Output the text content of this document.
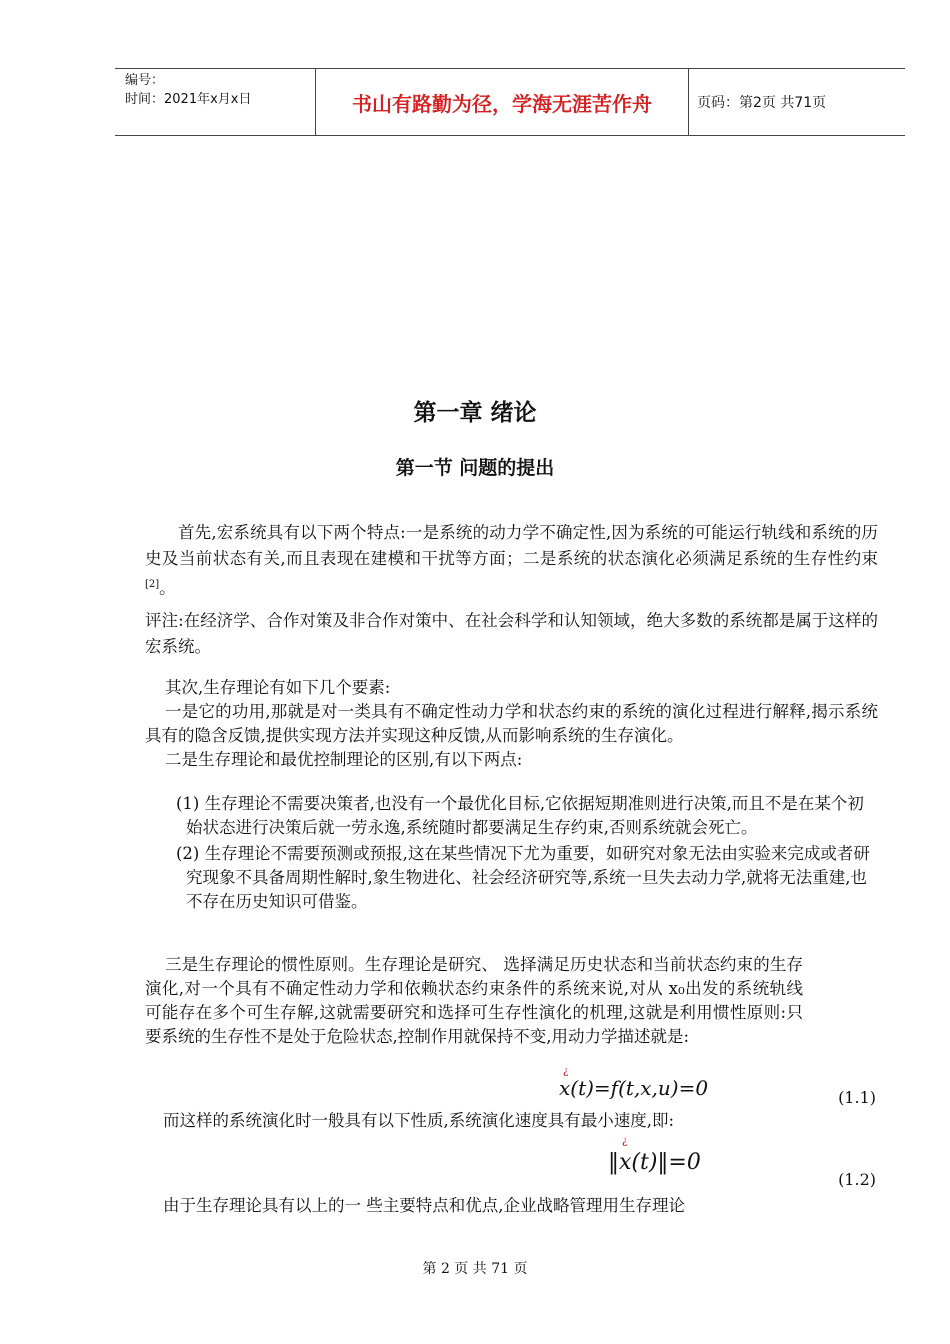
编号：
时间：2021年x月x日	书山有路勤为径，学海无涯苦作舟	页码：第2页 共71页
第一章 绪论
第一节 问题的提出

首先,宏系统具有以下两个特点:一是系统的动力学不确定性,因为系统的可能运行轨线和系统的历史及当前状态有关,而且表现在建模和干扰等方面；二是系统的状态演化必须满足系统的生存性约束[2]。

评注:在经济学、合作对策及非合作对策中、在社会科学和认知领域，绝大多数的系统都是属于这样的宏系统。

其次,生存理论有如下几个要素:

一是它的功用,那就是对一类具有不确定性动力学和状态约束的系统的演化过程进行解释,揭示系统具有的隐含反馈,提供实现方法并实现这种反馈,从而影响系统的生存演化。

二是生存理论和最优控制理论的区别,有以下两点:

(1) 生存理论不需要决策者,也没有一个最优化目标,它依据短期准则进行决策,而且不是在某个初始状态进行决策后就一劳永逸,系统随时都要满足生存约束,否则系统就会死亡。
(2) 生存理论不需要预测或预报,这在某些情况下尤为重要，如研究对象无法由实验来完成或者研究现象不具备周期性解时,象生物进化、社会经济研究等,系统一旦失去动力学,就将无法重建,也不存在历史知识可借鉴。

三是生存理论的惯性原则。生存理论是研究、 选择满足历史状态和当前状态约束的生存演化,对一个具有不确定性动力学和依赖状态约束条件的系统来说,对从 x₀出发的系统轨线可能存在多个可生存解,这就需要研究和选择可生存性演化的机理,这就是利用惯性原则:只要系统的生存性不是处于危险状态,控制作用就保持不变,用动力学描述就是:

¿
x(t)=f(t,x,u)=0	(1.1)

而这样的系统演化时一般具有以下性质,系统演化速度具有最小速度,即:

¿
‖x(t)‖=0
(1.2)

由于生存理论具有以上的一 些主要特点和优点,企业战略管理用生存理论

第 2 页 共 71 页
